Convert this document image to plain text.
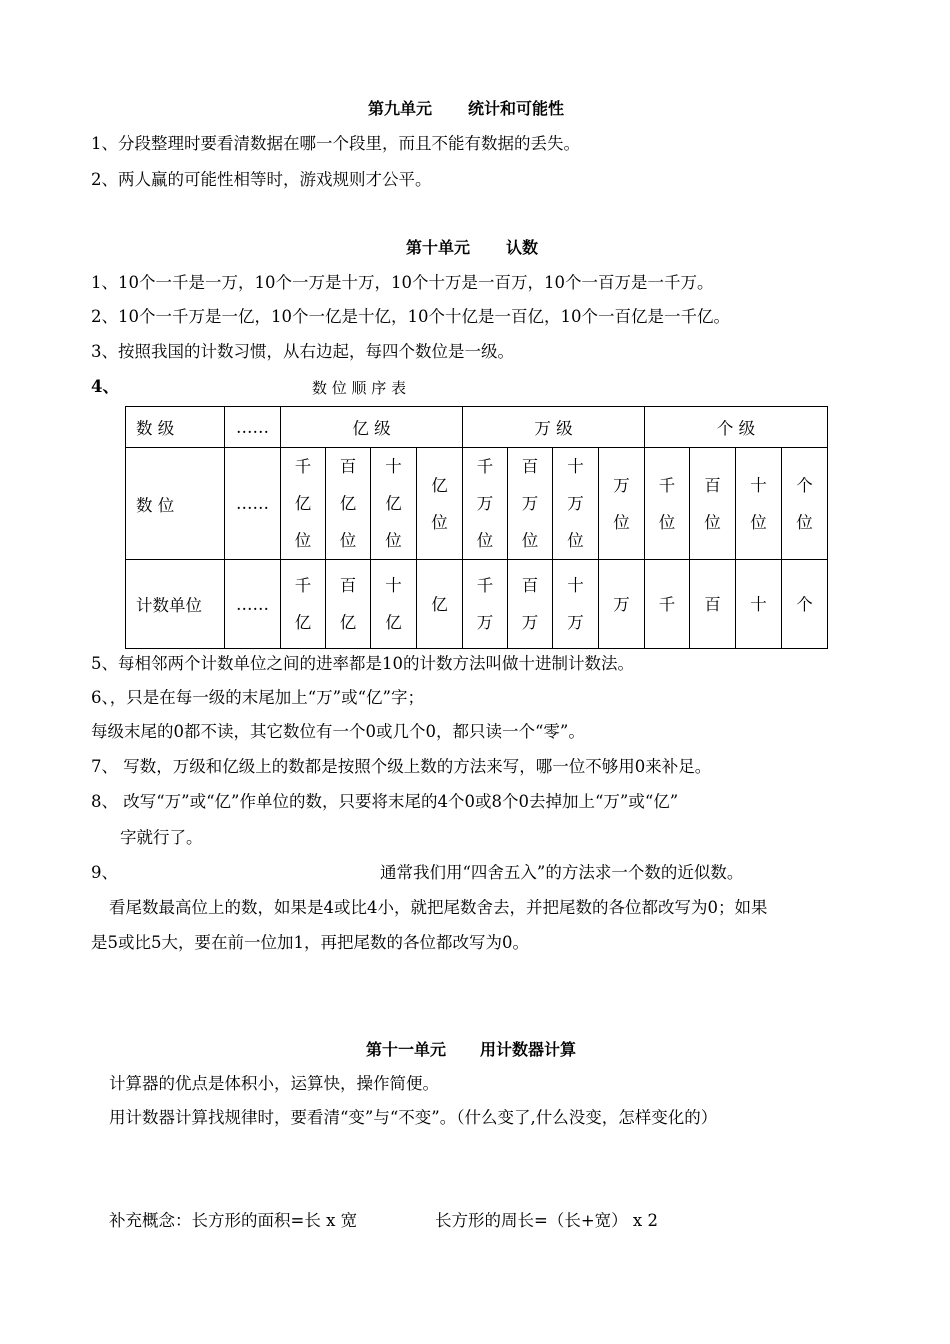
第九单元 统计和可能性
1、分段整理时要看清数据在哪一个段里，而且不能有数据的丢失。
2、两人赢的可能性相等时，游戏规则才公平。
第十单元 认数
1、10个一千是一万，10个一万是十万，10个十万是一百万，10个一百万是一千万。
2、10个一千万是一亿，10个一亿是十亿，10个十亿是一百亿，10个一百亿是一千亿。
3、按照我国的计数习惯，从右边起，每四个数位是一级。
4、	数 位 顺 序 表
数 级	……	亿 级				万 级				个 级			
数 位	……	千亿位	百亿位	十亿位	亿位	千万位	百万位	十万位	万位	千位	百位	十位	个位
计数单位	……	千亿	百亿	十亿	亿	千万	百万	十万	万	千	百	十	个
5、每相邻两个计数单位之间的进率都是10的计数方法叫做十进制计数法。
6、，只是在每一级的末尾加上“万”或“亿”字；
每级末尾的0都不读，其它数位有一个0或几个0，都只读一个“零”。
7、 写数，万级和亿级上的数都是按照个级上数的方法来写，哪一位不够用0来补足。
8、 改写“万”或“亿”作单位的数，只要将末尾的4个0或8个0去掉加上“万”或“亿”
字就行了。
9、	通常我们用“四舍五入”的方法求一个数的近似数。
看尾数最高位上的数，如果是4或比4小，就把尾数舍去，并把尾数的各位都改写为0；如果
是5或比5大，要在前一位加1，再把尾数的各位都改写为0。
第十一单元 用计数器计算
计算器的优点是体积小，运算快，操作简便。
用计数器计算找规律时，要看清“变”与“不变”。（什么变了,什么没变，怎样变化的）
补充概念：长方形的面积=长 x 宽	长方形的周长=（长+宽） x 2
